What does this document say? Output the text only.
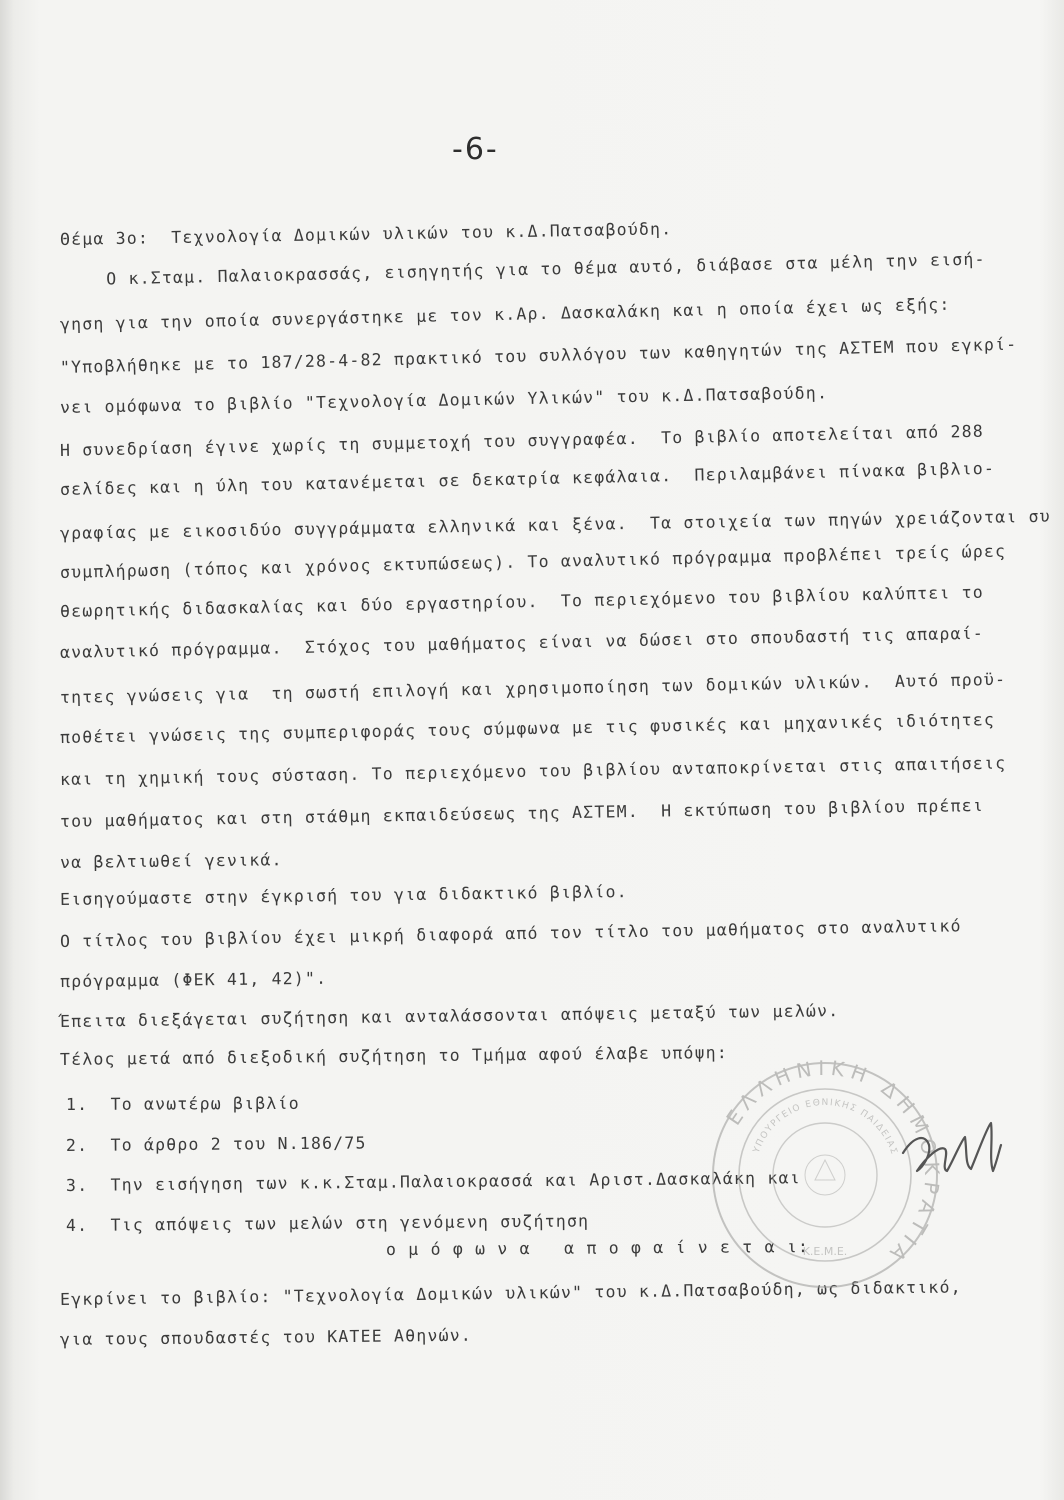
-6-
Θέμα 3ο:  Τεχνολογία Δομικών υλικών του κ.Δ.Πατσαβούδη.
Ο κ.Σταμ. Παλαιοκρασσάς, εισηγητής για το θέμα αυτό, διάβασε στα μέλη την εισή-
γηση για την οποία συνεργάστηκε με τον κ.Αρ. Δασκαλάκη και η οποία έχει ως εξής:
"Υποβλήθηκε με το 187/28-4-82 πρακτικό του συλλόγου των καθηγητών της ΑΣΤΕΜ που εγκρί-
νει ομόφωνα το βιβλίο "Τεχνολογία Δομικών Υλικών" του κ.Δ.Πατσαβούδη.
Η συνεδρίαση έγινε χωρίς τη συμμετοχή του συγγραφέα.  Το βιβλίο αποτελείται από 288
σελίδες και η ύλη του κατανέμεται σε δεκατρία κεφάλαια.  Περιλαμβάνει πίνακα βιβλιο-
γραφίας με εικοσιδύο συγγράμματα ελληνικά και ξένα.  Τα στοιχεία των πηγών χρειάζονται συ
συμπλήρωση (τόπος και χρόνος εκτυπώσεως). Το αναλυτικό πρόγραμμα προβλέπει τρείς ώρες
θεωρητικής διδασκαλίας και δύο εργαστηρίου.  Το περιεχόμενο του βιβλίου καλύπτει το
αναλυτικό πρόγραμμα.  Στόχος του μαθήματος είναι να δώσει στο σπουδαστή τις απαραί-
τητες γνώσεις για  τη σωστή επιλογή και χρησιμοποίηση των δομικών υλικών.  Αυτό προϋ-
ποθέτει γνώσεις της συμπεριφοράς τους σύμφωνα με τις φυσικές και μηχανικές ιδιότητες
και τη χημική τους σύσταση. Το περιεχόμενο του βιβλίου ανταποκρίνεται στις απαιτήσεις
του μαθήματος και στη στάθμη εκπαιδεύσεως της ΑΣΤΕΜ.  Η εκτύπωση του βιβλίου πρέπει
να βελτιωθεί γενικά.
Εισηγούμαστε στην έγκρισή του για διδακτικό βιβλίο.
Ο τίτλος του βιβλίου έχει μικρή διαφορά από τον τίτλο του μαθήματος στο αναλυτικό
πρόγραμμα (ΦΕΚ 41, 42)".
Έπειτα διεξάγεται συζήτηση και ανταλάσσονται απόψεις μεταξύ των μελών.
Τέλος μετά από διεξοδική συζήτηση το Τμήμα αφού έλαβε υπόψη:
1.  Το ανωτέρω βιβλίο
2.  Το άρθρο 2 του Ν.186/75
3.  Την εισήγηση των κ.κ.Σταμ.Παλαιοκρασσά και Αριστ.Δασκαλάκη και
4.  Τις απόψεις των μελών στη γενόμενη συζήτηση
ο μ ό φ ω ν α   α π ο φ α ί ν ε τ α ι:
Εγκρίνει το βιβλίο: "Τεχνολογία Δομικών υλικών" του κ.Δ.Πατσαβούδη, ως διδακτικό,
για τους σπουδαστές του ΚΑΤΕΕ Αθηνών.
ΕΛΛΗΝΙΚΗ ΔΗΜΟΚΡΑΤΙΑ
ΥΠΟΥΡΓΕΙΟ ΕΘΝΙΚΗΣ ΠΑΙΔΕΙΑΣ
Κ.Ε.Μ.Ε.
